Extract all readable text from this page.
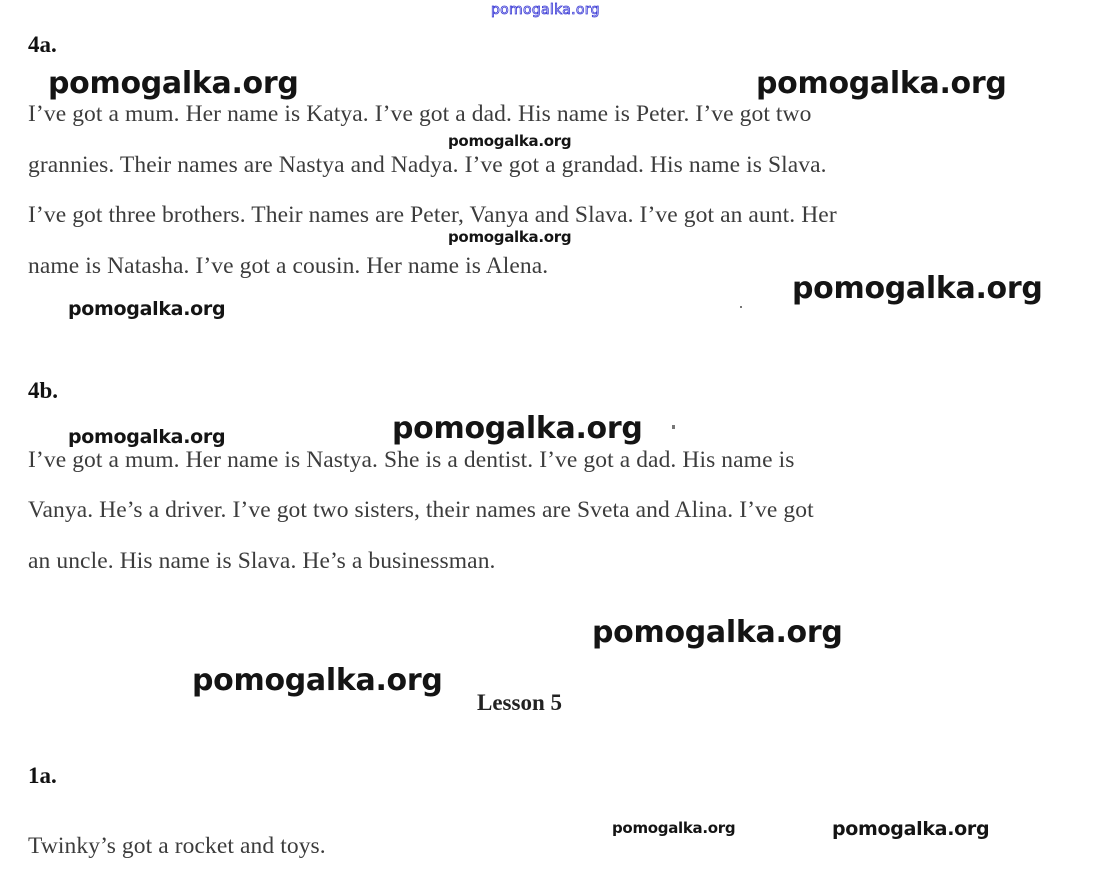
pomogalka.org
4a.
I’ve got a mum. Her name is Katya. I’ve got a dad. His name is Peter. I’ve got two
grannies. Their names are Nastya and Nadya. I’ve got a grandad. His name is Slava.
I’ve got three brothers. Their names are Peter, Vanya and Slava. I’ve got an aunt. Her
name is Natasha. I’ve got a cousin. Her name is Alena.
4b.
I’ve got a mum. Her name is Nastya. She is a dentist. I’ve got a dad. His name is
Vanya. He’s a driver. I’ve got two sisters, their names are Sveta and Alina. I’ve got
an uncle. His name is Slava. He’s a businessman.
Lesson 5
1a.
Twinky’s got a rocket and toys.
pomogalka.org	pomogalka.org
pomogalka.org
pomogalka.org
pomogalka.org
pomogalka.org
pomogalka.org
pomogalka.org
pomogalka.org
pomogalka.org
pomogalka.org	pomogalka.org
